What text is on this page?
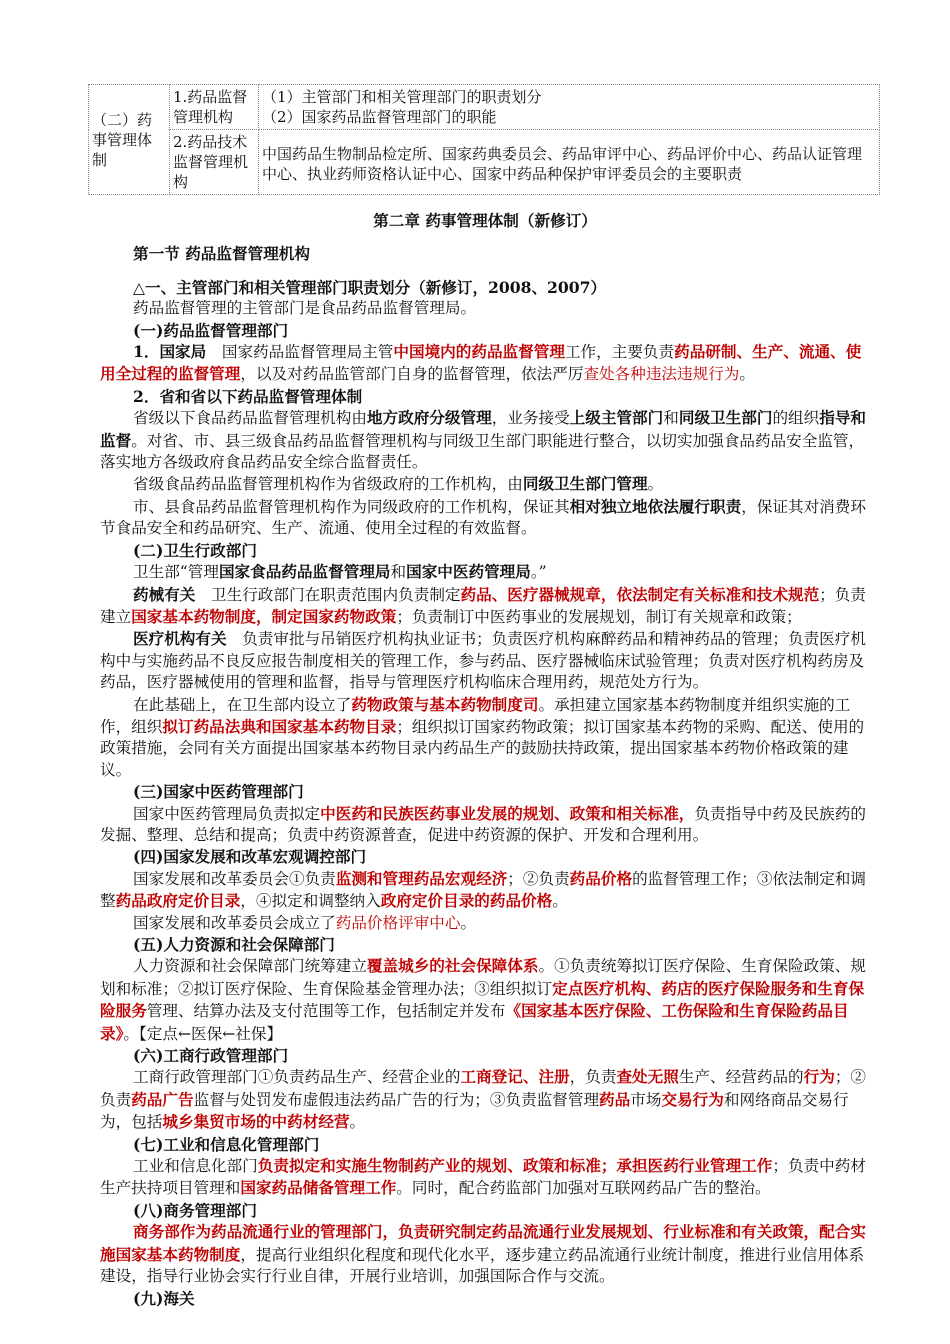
（二）药事管理体制	1.药品监督管理机构	（1）主管部门和相关管理部门的职责划分
（2）国家药品监督管理部门的职能

	2.药品技术监督管理机构	中国药品生物制品检定所、国家药典委员会、药品审评中心、药品评价中心、药品认证管理中心、执业药师资格认证中心、国家中药品种保护审评委员会的主要职责

第二章 药事管理体制（新修订）

第一节 药品监督管理机构

△一、主管部门和相关管理部门职责划分（新修订，2008、2007）

药品监督管理的主管部门是食品药品监督管理局。

(一)药品监督管理部门

1．国家局　 国家药品监督管理局主管中国境内的药品监督管理工作，主要负责药品研制、生产、流通、使用全过程的监督管理，以及对药品监管部门自身的监督管理，依法严厉查处各种违法违规行为。

2．省和省以下药品监督管理体制

省级以下食品药品监督管理机构由地方政府分级管理，业务接受上级主管部门和同级卫生部门的组织指导和监督。对省、市、县三级食品药品监督管理机构与同级卫生部门职能进行整合，以切实加强食品药品安全监管，落实地方各级政府食品药品安全综合监督责任。

省级食品药品监督管理机构作为省级政府的工作机构，由同级卫生部门管理。

市、县食品药品监督管理机构作为同级政府的工作机构，保证其相对独立地依法履行职责，保证其对消费环节食品安全和药品研究、生产、流通、使用全过程的有效监督。

(二)卫生行政部门

卫生部“管理国家食品药品监督管理局和国家中医药管理局。”

药械有关　 卫生行政部门在职责范围内负责制定药品、医疗器械规章，依法制定有关标准和技术规范；负责建立国家基本药物制度，制定国家药物政策；负责制订中医药事业的发展规划，制订有关规章和政策；

医疗机构有关　 负责审批与吊销医疗机构执业证书；负责医疗机构麻醉药品和精神药品的管理；负责医疗机构中与实施药品不良反应报告制度相关的管理工作，参与药品、医疗器械临床试验管理；负责对医疗机构药房及药品，医疗器械使用的管理和监督，指导与管理医疗机构临床合理用药，规范处方行为。

在此基础上，在卫生部内设立了药物政策与基本药物制度司。承担建立国家基本药物制度并组织实施的工作，组织拟订药品法典和国家基本药物目录；组织拟订国家药物政策；拟订国家基本药物的采购、配送、使用的政策措施，会同有关方面提出国家基本药物目录内药品生产的鼓励扶持政策，提出国家基本药物价格政策的建议。

(三)国家中医药管理部门

国家中医药管理局负责拟定中医药和民族医药事业发展的规划、政策和相关标准，负责指导中药及民族药的发掘、整理、总结和提高；负责中药资源普查，促进中药资源的保护、开发和合理利用。

(四)国家发展和改革宏观调控部门

国家发展和改革委员会①负责监测和管理药品宏观经济；②负责药品价格的监督管理工作；③依法制定和调整药品政府定价目录，④拟定和调整纳入政府定价目录的药品价格。

国家发展和改革委员会成立了药品价格评审中心。

(五)人力资源和社会保障部门

人力资源和社会保障部门统筹建立覆盖城乡的社会保障体系。①负责统筹拟订医疗保险、生育保险政策、规划和标准；②拟订医疗保险、生育保险基金管理办法；③组织拟订定点医疗机构、药店的医疗保险服务和生育保险服务管理、结算办法及支付范围等工作，包括制定并发布《国家基本医疗保险、工伤保险和生育保险药品目录》。【定点←医保←社保】

(六)工商行政管理部门

工商行政管理部门①负责药品生产、经营企业的工商登记、注册，负责查处无照生产、经营药品的行为；②负责药品广告监督与处罚发布虚假违法药品广告的行为；③负责监督管理药品市场交易行为和网络商品交易行为，包括城乡集贸市场的中药材经营。

(七)工业和信息化管理部门

工业和信息化部门负责拟定和实施生物制药产业的规划、政策和标准；承担医药行业管理工作；负责中药材生产扶持项目管理和国家药品储备管理工作。同时，配合药监部门加强对互联网药品广告的整治。

(八)商务管理部门

商务部作为药品流通行业的管理部门，负责研究制定药品流通行业发展规划、行业标准和有关政策，配合实施国家基本药物制度，提高行业组织化程度和现代化水平，逐步建立药品流通行业统计制度，推进行业信用体系建设，指导行业协会实行行业自律，开展行业培训，加强国际合作与交流。

(九)海关
